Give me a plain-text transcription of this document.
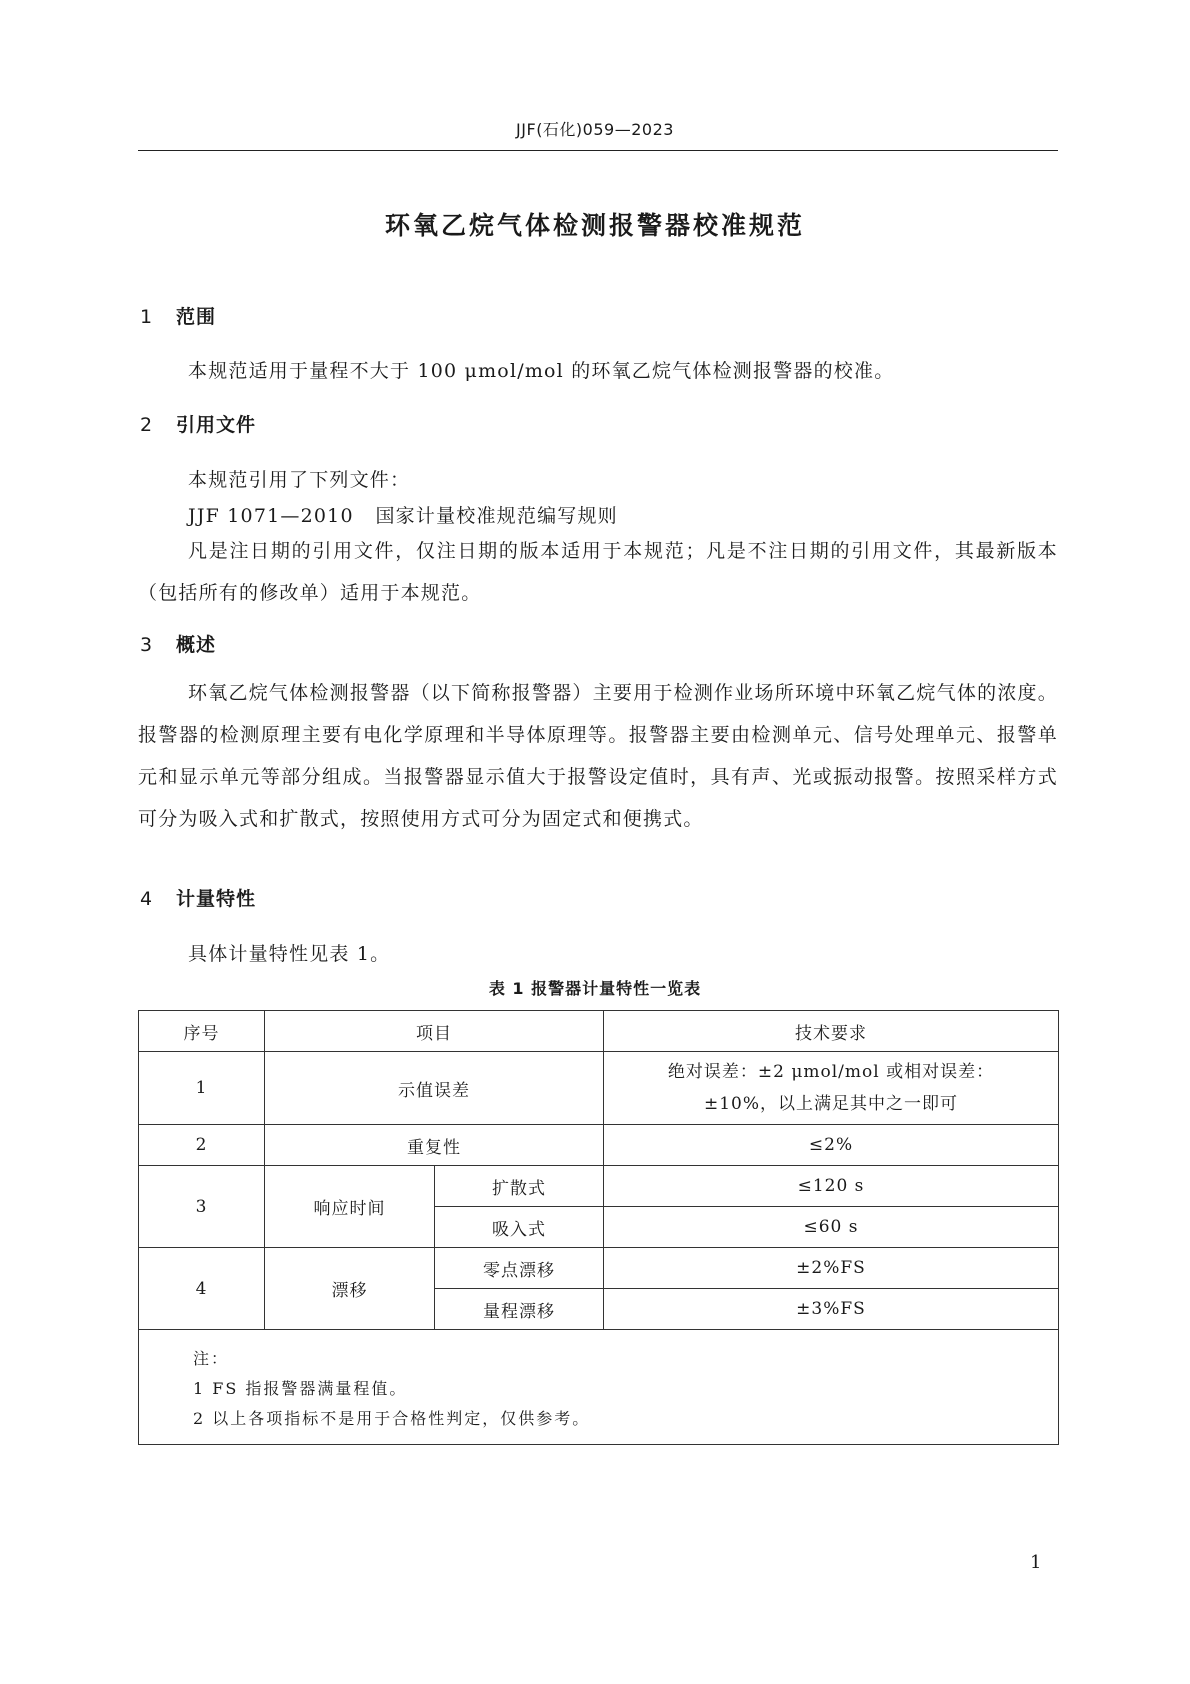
JJF(石化)059—2023
环氧乙烷气体检测报警器校准规范
1 范围
本规范适用于量程不大于 100 μmol/mol 的环氧乙烷气体检测报警器的校准。
2 引用文件
本规范引用了下列文件：
JJF 1071—2010   国家计量校准规范编写规则
凡是注日期的引用文件，仅注日期的版本适用于本规范；凡是不注日期的引用文件，其最新版本（包括所有的修改单）适用于本规范。
3 概述
环氧乙烷气体检测报警器（以下简称报警器）主要用于检测作业场所环境中环氧乙烷气体的浓度。报警器的检测原理主要有电化学原理和半导体原理等。报警器主要由检测单元、信号处理单元、报警单元和显示单元等部分组成。当报警器显示值大于报警设定值时，具有声、光或振动报警。按照采样方式可分为吸入式和扩散式，按照使用方式可分为固定式和便携式。
4 计量特性
具体计量特性见表 1。
表 1 报警器计量特性一览表
序号	项目		技术要求
1	示值误差		绝对误差：±2 μmol/mol 或相对误差：
±10%，以上满足其中之一即可

2	重复性		≤2%
3	响应时间	扩散式	≤120 s
		吸入式	≤60 s
4	漂移	零点漂移	±2%FS
		量程漂移	±3%FS

注：
1 FS 指报警器满量程值。
2 以上各项指标不是用于合格性判定，仅供参考。			
1
